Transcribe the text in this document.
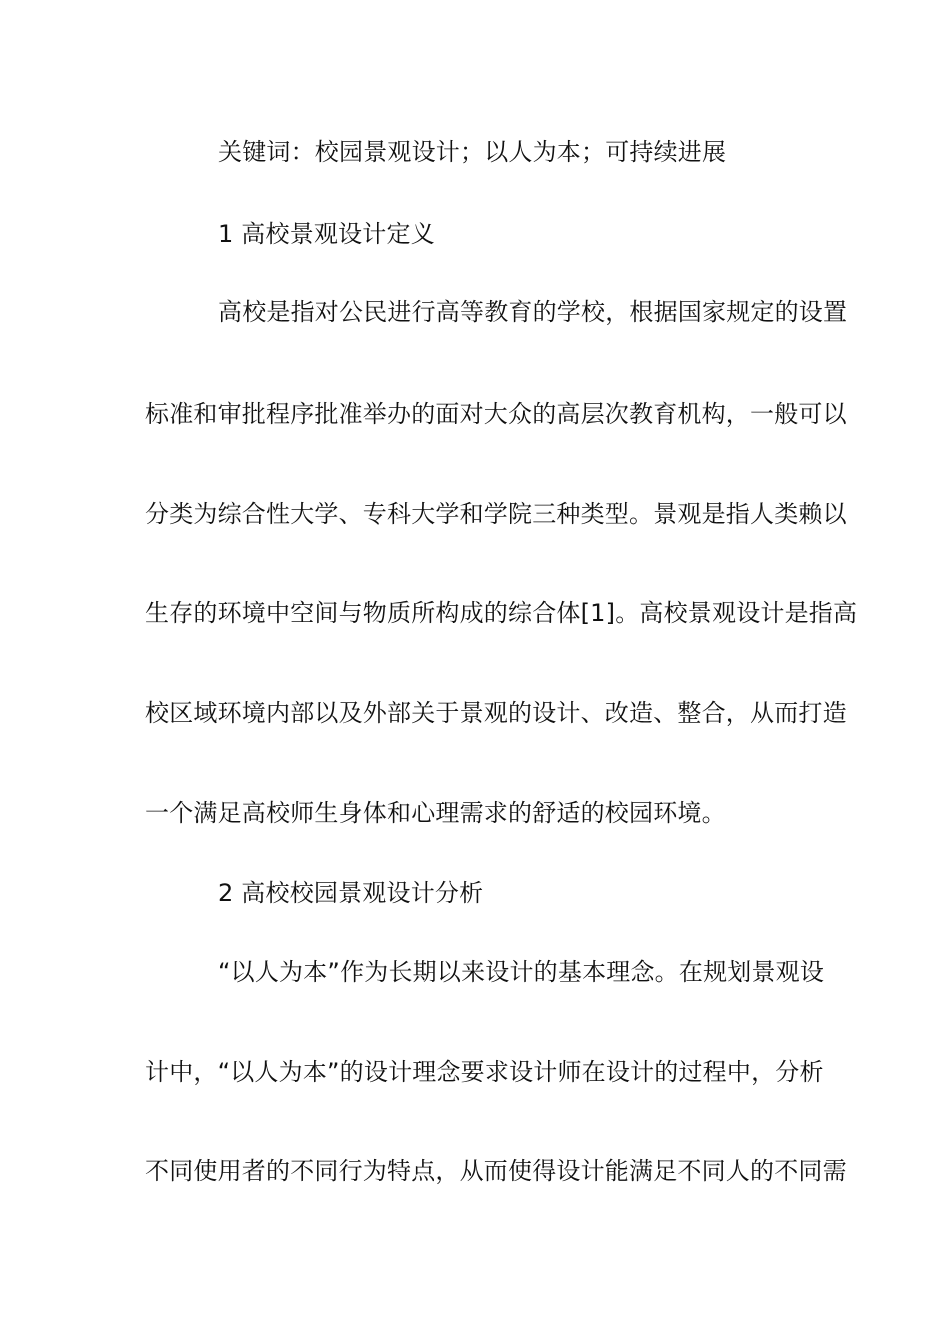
关键词：校园景观设计；以人为本；可持续进展
1 高校景观设计定义
高校是指对公民进行高等教育的学校，根据国家规定的设置
标准和审批程序批准举办的面对大众的高层次教育机构，一般可以
分类为综合性大学、专科大学和学院三种类型。景观是指人类赖以
生存的环境中空间与物质所构成的综合体[1]。高校景观设计是指高
校区域环境内部以及外部关于景观的设计、改造、整合，从而打造
一个满足高校师生身体和心理需求的舒适的校园环境。
2 高校校园景观设计分析
“以人为本”作为长期以来设计的基本理念。在规划景观设
计中，“以人为本”的设计理念要求设计师在设计的过程中，分析
不同使用者的不同行为特点，从而使得设计能满足不同人的不同需
